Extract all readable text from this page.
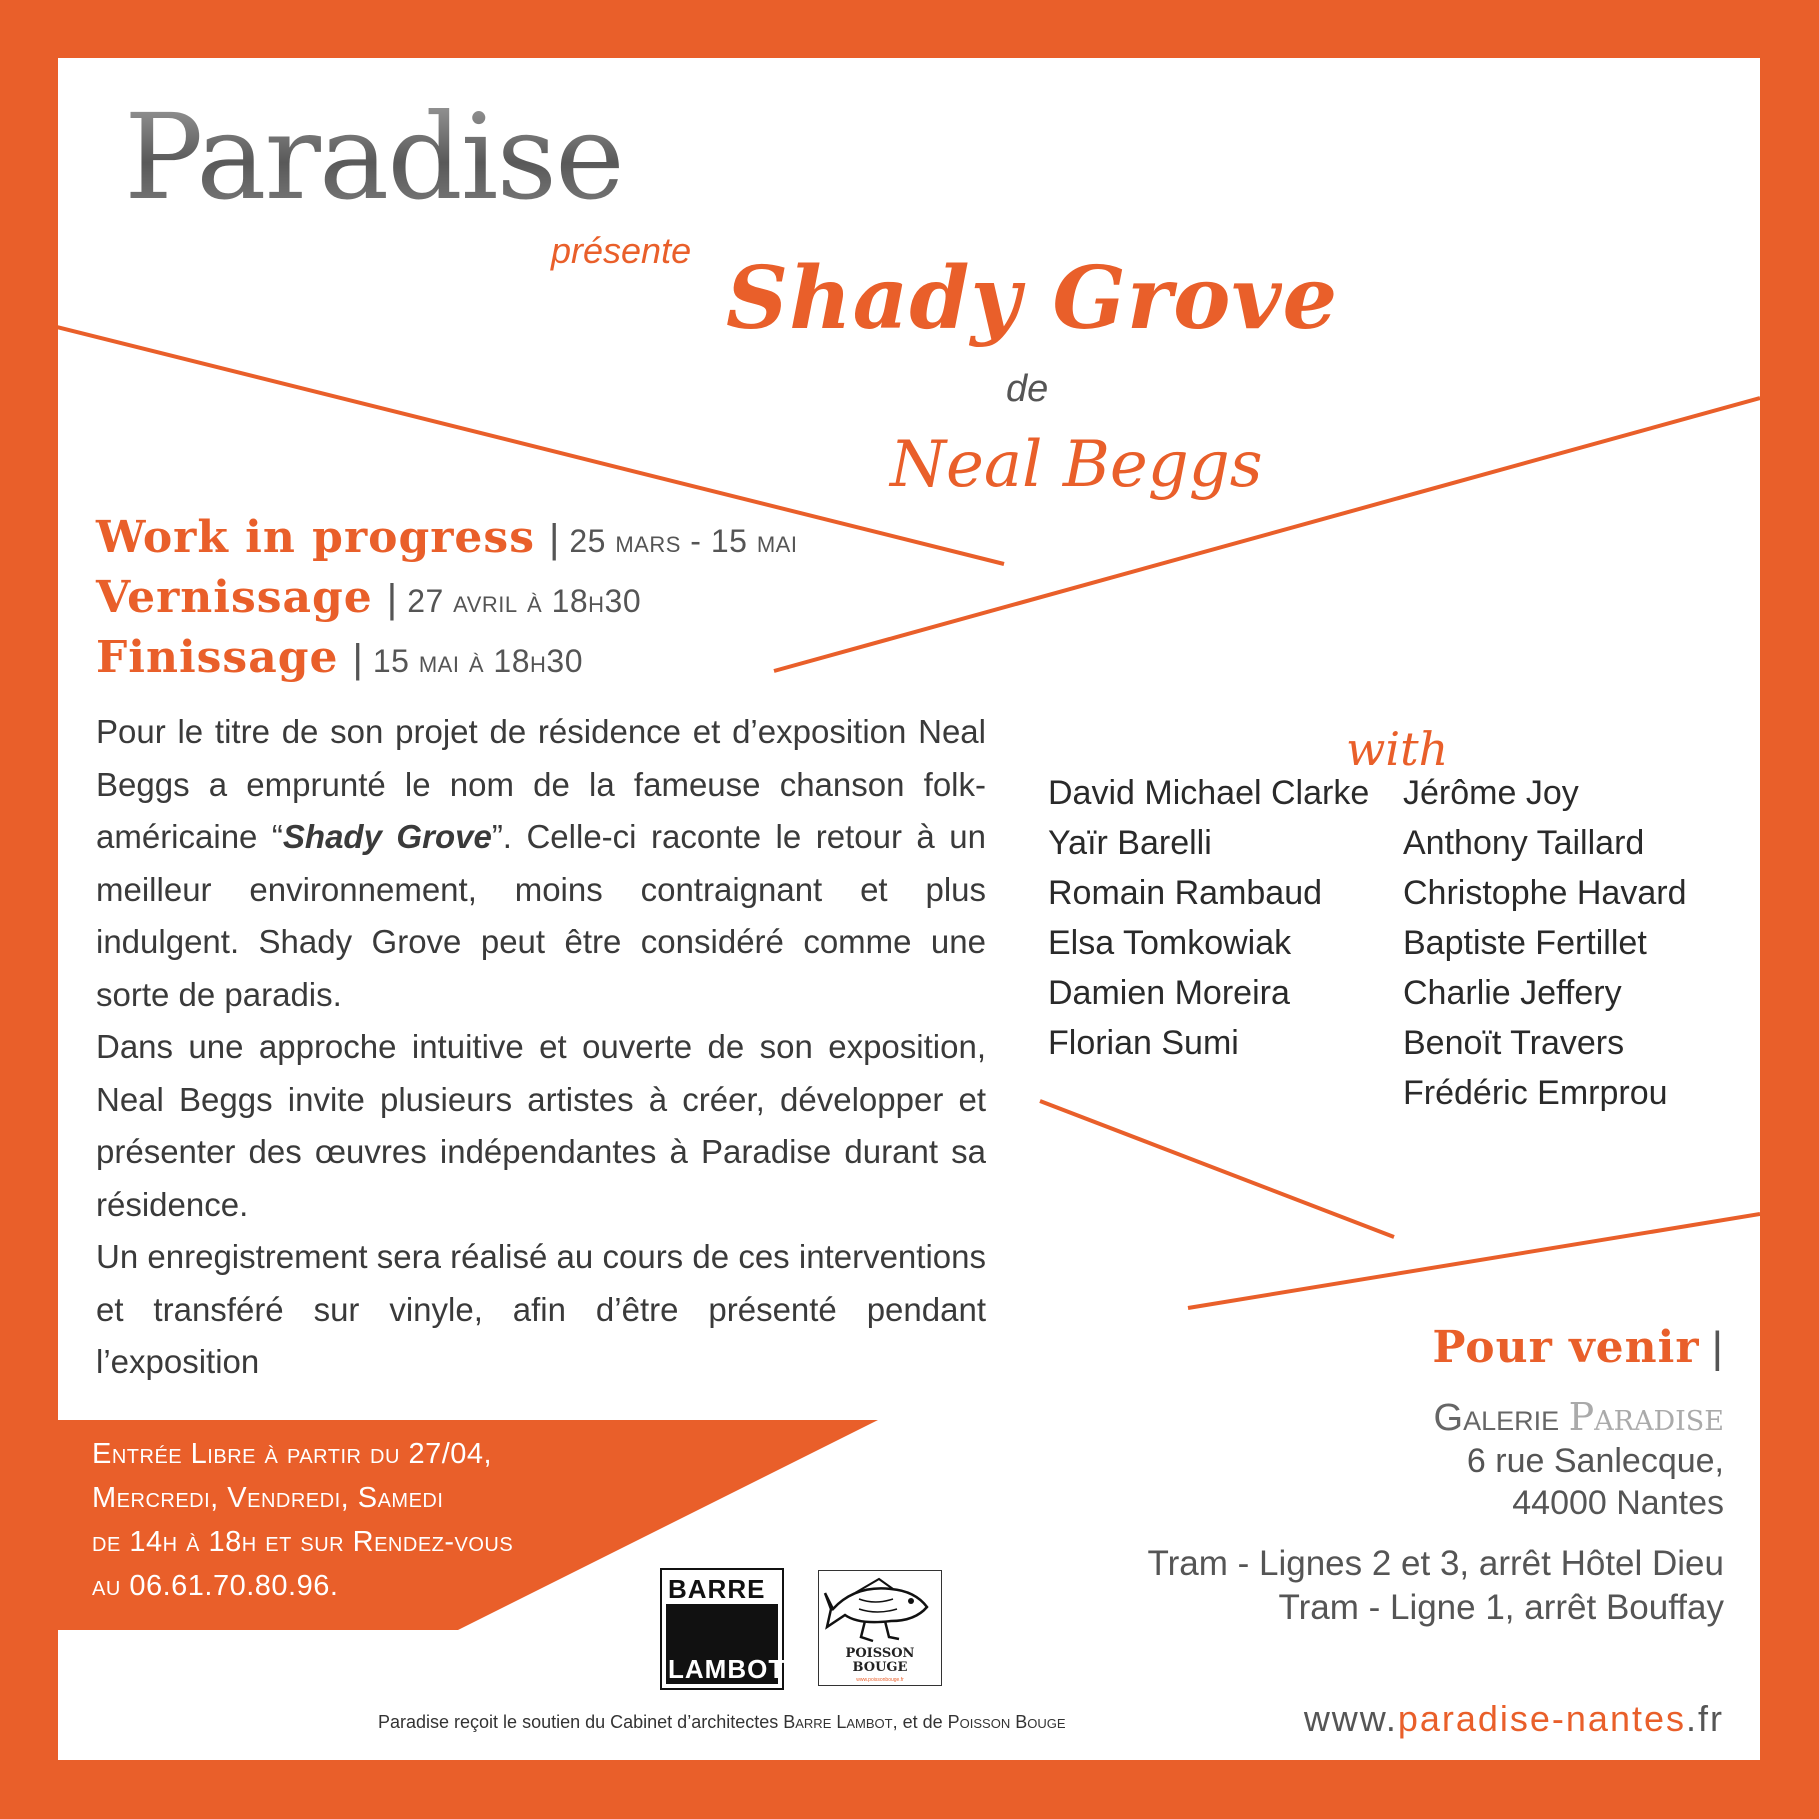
Paradise
présente Shady Grove
de
Neal Beggs
Work in progress | 25 mars - 15 mai
Vernissage | 27 avril à 18h30
Finissage | 15 mai à 18h30

Pour le titre de son projet de résidence et d’exposition Neal Beggs a emprunté le nom de la fameuse chanson folk-américaine “Shady Grove”. Celle-ci raconte le retour à un meilleur environnement, moins contraignant et plus indulgent. Shady Grove peut être considéré comme une sorte de paradis.

Dans une approche intuitive et ouverte de son exposition, Neal Beggs invite plusieurs artistes à créer, développer et présenter des œuvres indépendantes à Paradise durant sa résidence.

Un enregistrement sera réalisé au cours de ces interventions et transféré sur vinyle, afin d’être présenté pendant l’exposition

with
David Michael Clarke
Yaïr Barelli
Romain Rambaud
Elsa Tomkowiak
Damien Moreira
Florian Sumi
Jérôme Joy
Anthony Taillard
Christophe Havard
Baptiste Fertillet
Charlie Jeffery
Benoït Travers
Frédéric Emrprou
Pour venir |
Galerie Paradise
6 rue Sanlecque,
44000 Nantes
Tram - Lignes 2 et 3, arrêt Hôtel Dieu
Tram - Ligne 1, arrêt Bouffay
Entrée Libre à partir du 27/04,
Mercredi, Vendredi, Samedi
de 14h à 18h et sur Rendez-vous
au 06.61.70.80.96.	BARRE
LAMBOT
POISSON
BOUGE
www.poissonbouge.fr
Paradise reçoit le soutien du Cabinet d’architectes Barre Lambot, et de Poisson Bouge	www.paradise-nantes.fr
